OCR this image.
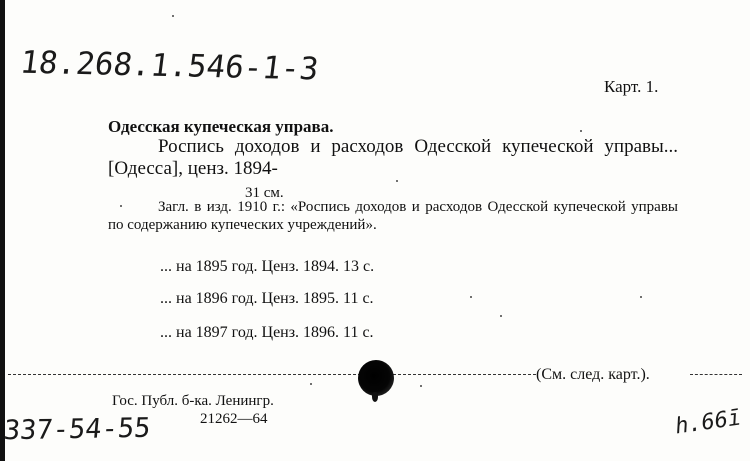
18.268.1.546-1-3	Карт. 1.
Одесская купеческая управа.
Роспись доходов и расходов Одесской купеческой управы... [Одесса], ценз. 1894-
31 см.
Загл. в изд. 1910 г.: «Роспись доходов и расходов Одесской купеческой управы по содержанию купеческих учреждений».
... на 1895 год. Ценз. 1894. 13 с.
... на 1896 год. Ценз. 1895. 11 с.
... на 1897 год. Ценз. 1896. 11 с.
(См. след. карт.).
Гос. Публ. б-ка. Ленингр.
21262—64
337-54-55	h.66ī
